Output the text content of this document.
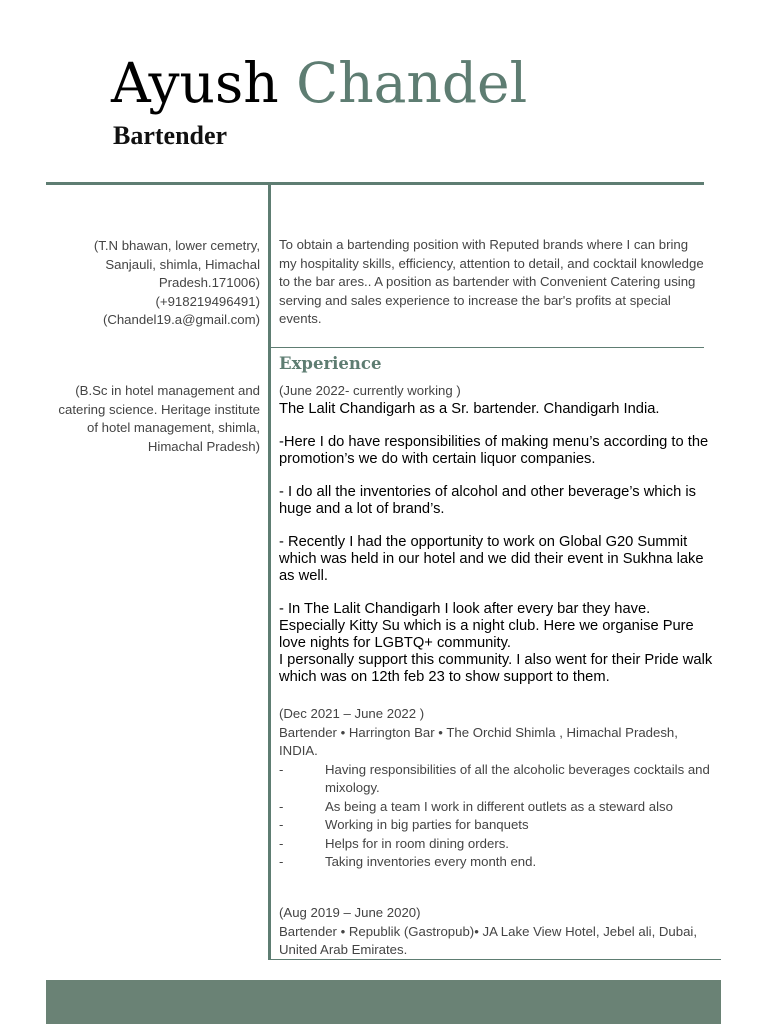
Ayush Chandel
Bartender
(T.N bhawan, lower cemetry, Sanjauli, shimla, Himachal Pradesh.171006)
(+918219496491)
(Chandel19.a@gmail.com)
(B.Sc in hotel management and catering science. Heritage institute of hotel management, shimla, Himachal Pradesh)

To obtain a bartending position with Reputed brands where I can bring my hospitality skills, efficiency, attention to detail, and cocktail knowledge to the bar ares.. A position as bartender with Convenient Catering using serving and sales experience to increase the bar's profits at special events.

Experience
(June 2022- currently working )
The Lalit Chandigarh as a Sr. bartender. Chandigarh India.
-Here I do have responsibilities of making menu’s according to the promotion’s we do with certain liquor companies.
- I do all the inventories of alcohol and other beverage’s which is huge and a lot of brand’s.
- Recently I had the opportunity to work on Global G20 Summit which was held in our hotel and we did their event in Sukhna lake as well.
- In The Lalit Chandigarh I look after every bar they have. Especially Kitty Su which is a night club. Here we organise Pure love nights for LGBTQ+ community.
I personally support this community. I also went for their Pride walk which was on 12th feb 23 to show support to them.
(Dec 2021 – June 2022 )
Bartender • Harrington Bar • The Orchid Shimla , Himachal Pradesh, INDIA.
-	Having responsibilities of all the alcoholic beverages cocktails and mixology.
-	As being a team I work in different outlets as a steward also
-	Working in big parties for banquets
-	Helps for in room dining orders.
-	Taking inventories every month end.
(Aug 2019 – June 2020)
Bartender • Republik (Gastropub)• JA Lake View Hotel, Jebel ali, Dubai, United Arab Emirates.
